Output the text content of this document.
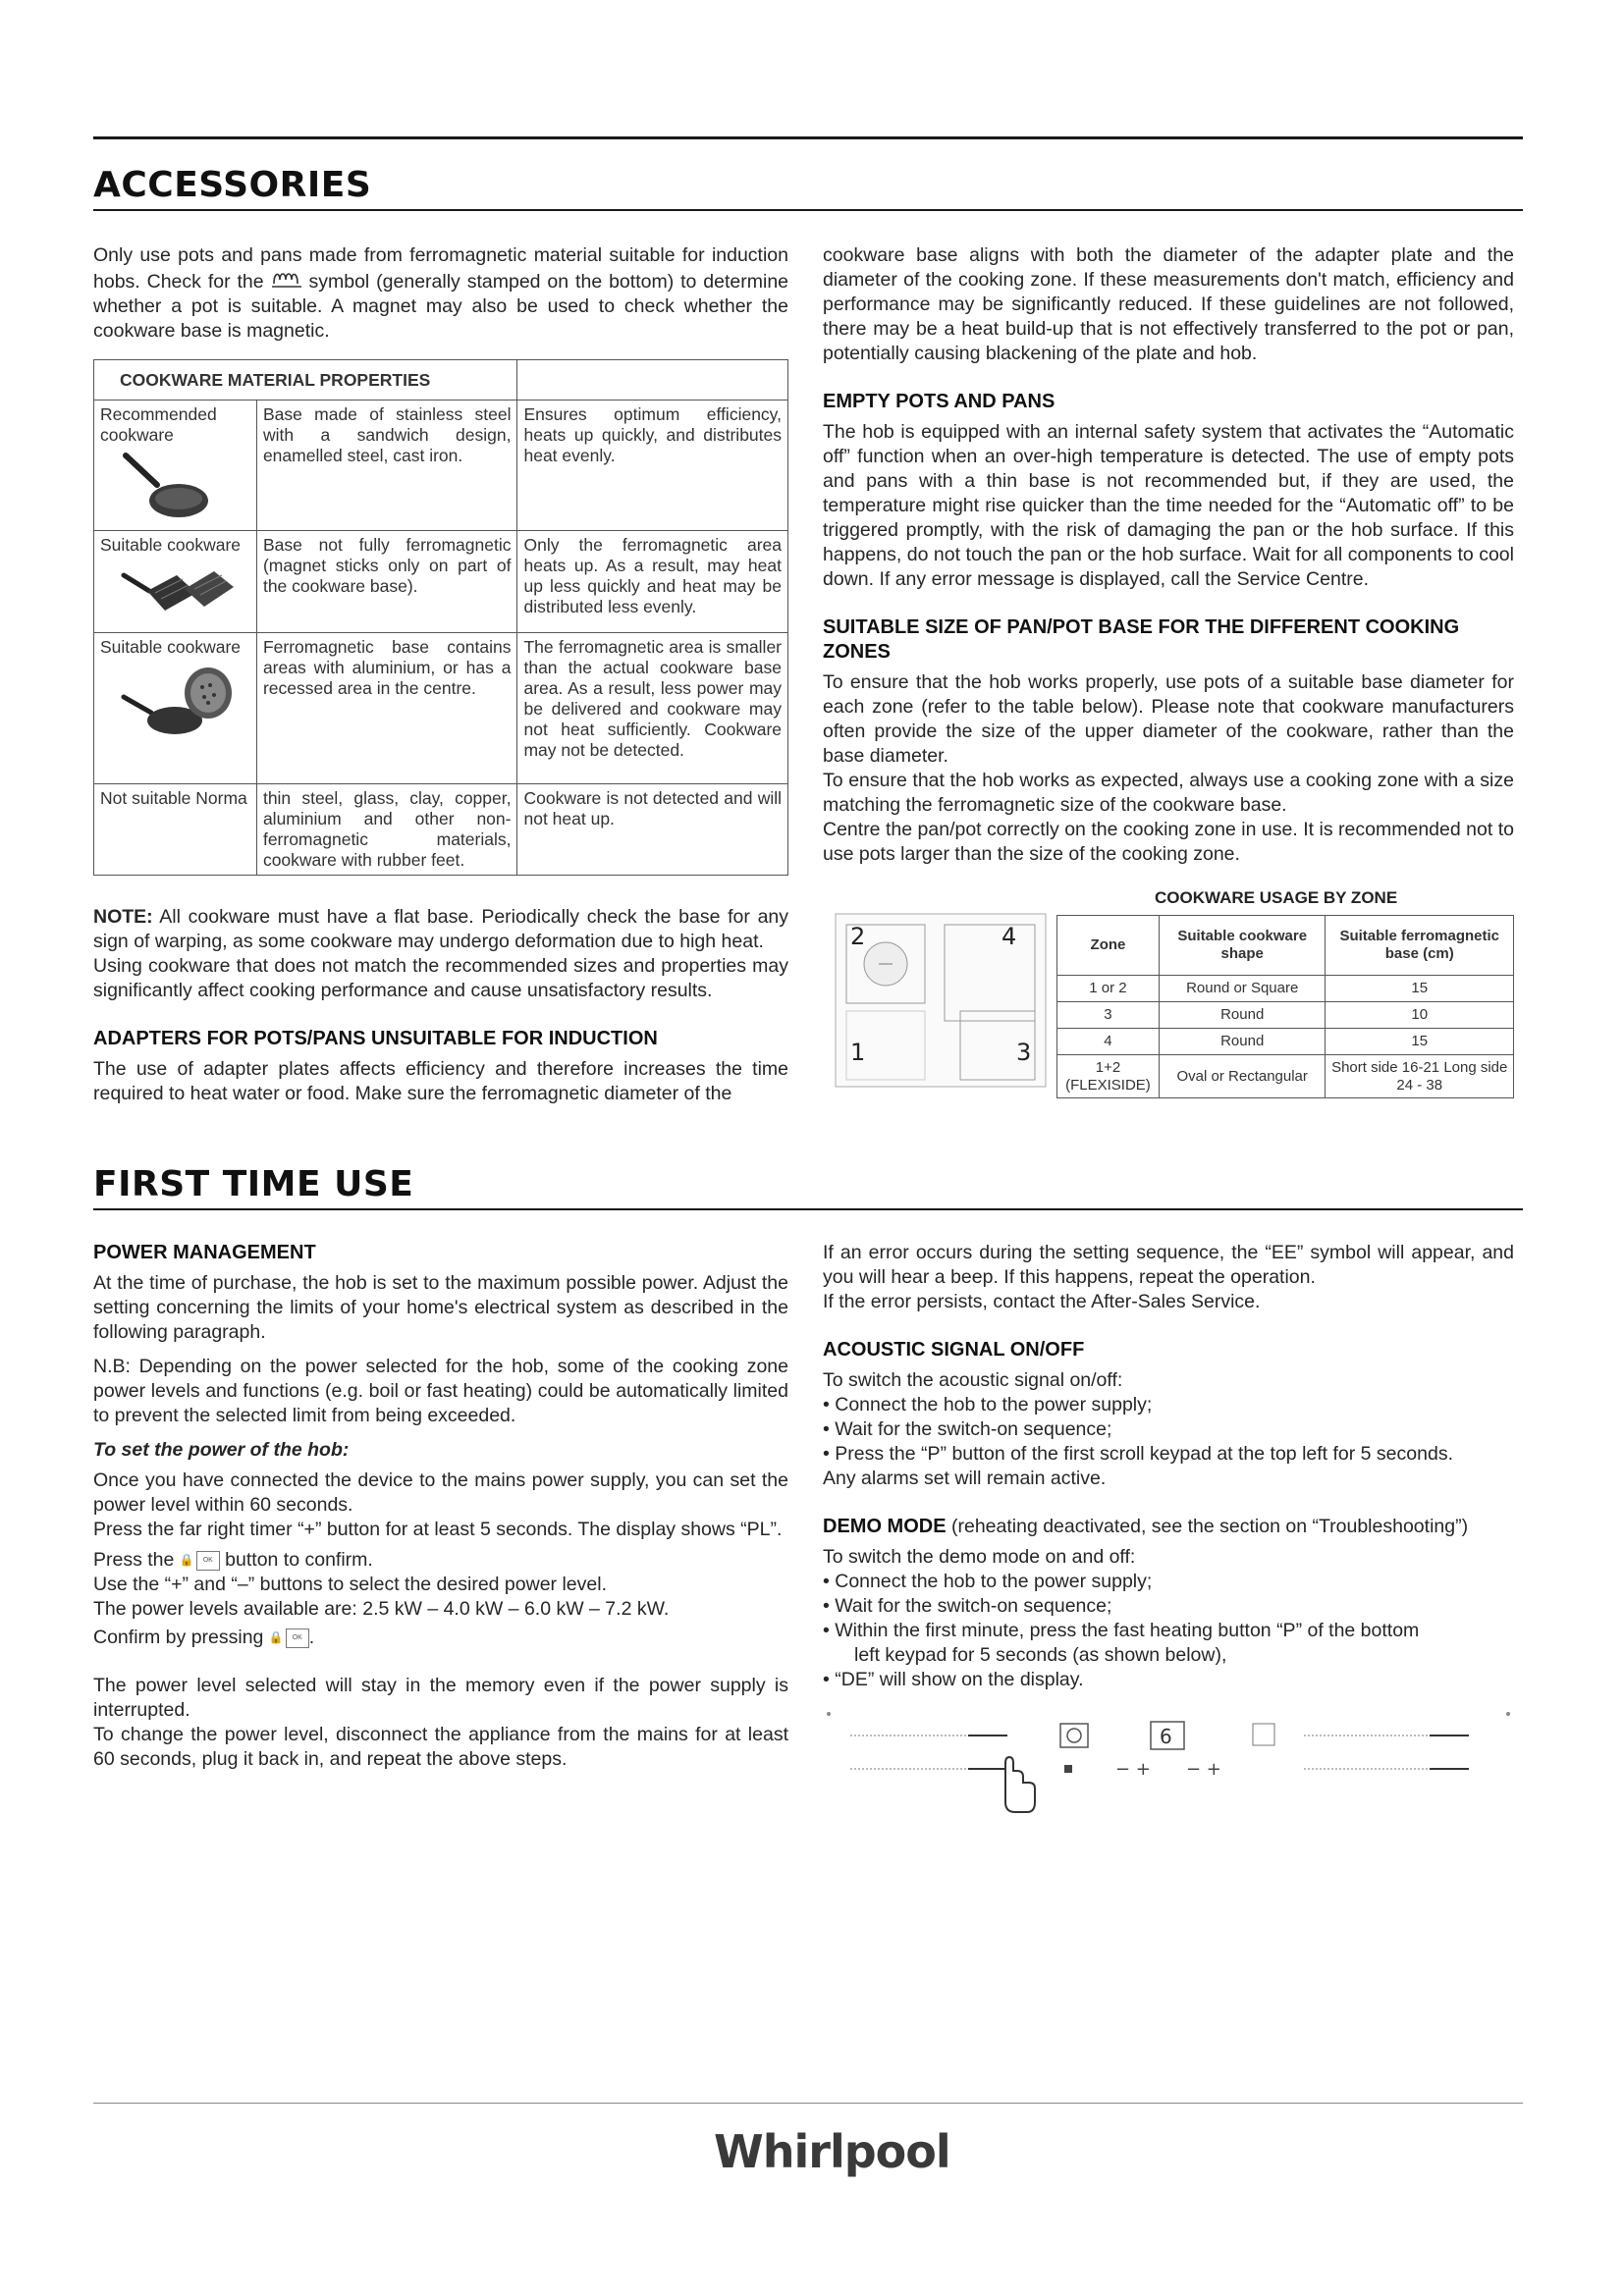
ACCESSORIES

Only use pots and pans made from ferromagnetic material suitable for induction hobs. Check for the symbol (generally stamped on the bottom) to determine whether a pot is suitable. A magnet may also be used to check whether the cookware base is magnetic.

COOKWARE MATERIAL PROPERTIES		
Recommended cookware	Base made of stainless steel with a sandwich design, enamelled steel, cast iron.	Ensures optimum efficiency, heats up quickly, and distributes heat evenly.
Suitable cookware	Base not fully ferromagnetic (magnet sticks only on part of the cookware base).	Only the ferromagnetic area heats up. As a result, may heat up less quickly and heat may be distributed less evenly.
Suitable cookware	Ferromagnetic base contains areas with aluminium, or has a recessed area in the centre.	The ferromagnetic area is smaller than the actual cookware base area. As a result, less power may be delivered and cookware may not heat sufficiently. Cookware may not be detected.
Not suitable Norma	thin steel, glass, clay, copper, aluminium and other non-ferromagnetic materials, cookware with rubber feet.	Cookware is not detected and will not heat up.

NOTE: All cookware must have a flat base. Periodically check the base for any sign of warping, as some cookware may undergo deformation due to high heat.

Using cookware that does not match the recommended sizes and properties may significantly affect cooking performance and cause unsatisfactory results.

ADAPTERS FOR POTS/PANS UNSUITABLE FOR INDUCTION

The use of adapter plates affects efficiency and therefore increases the time required to heat water or food. Make sure the ferromagnetic diameter of the

cookware base aligns with both the diameter of the adapter plate and the diameter of the cooking zone. If these measurements don't match, efficiency and performance may be significantly reduced. If these guidelines are not followed, there may be a heat build-up that is not effectively transferred to the pot or pan, potentially causing blackening of the plate and hob.

EMPTY POTS AND PANS

The hob is equipped with an internal safety system that activates the “Automatic off” function when an over-high temperature is detected. The use of empty pots and pans with a thin base is not recommended but, if they are used, the temperature might rise quicker than the time needed for the “Automatic off” to be triggered promptly, with the risk of damaging the pan or the hob surface. If this happens, do not touch the pan or the hob surface. Wait for all components to cool down. If any error message is displayed, call the Service Centre.

SUITABLE SIZE OF PAN/POT BASE FOR THE DIFFERENT COOKING ZONES

To ensure that the hob works properly, use pots of a suitable base diameter for each zone (refer to the table below). Please note that cookware manufacturers often provide the size of the upper diameter of the cookware, rather than the base diameter.

To ensure that the hob works as expected, always use a cooking zone with a size matching the ferromagnetic size of the cookware base.

Centre the pan/pot correctly on the cooking zone in use. It is recommended not to use pots larger than the size of the cooking zone.

COOKWARE USAGE BY ZONE
2	4
1	3
Zone	Suitable cookware shape	Suitable ferromagnetic base (cm)
1 or 2	Round or Square	15
3	Round	10
4	Round	15
1+2 (FLEXISIDE)	Oval or Rectangular	Short side 16-21 Long side 24 - 38
FIRST TIME USE
POWER MANAGEMENT

At the time of purchase, the hob is set to the maximum possible power. Adjust the setting concerning the limits of your home's electrical system as described in the following paragraph.

N.B: Depending on the power selected for the hob, some of the cooking zone power levels and functions (e.g. boil or fast heating) could be automatically limited to prevent the selected limit from being exceeded.

To set the power of the hob:

Once you have connected the device to the mains power supply, you can set the power level within 60 seconds.

Press the far right timer “+” button for at least 5 seconds. The display shows “PL”.

Press the 🔒 OK button to confirm.

Use the “+” and “–” buttons to select the desired power level.

The power levels available are: 2.5 kW – 4.0 kW – 6.0 kW – 7.2 kW.

Confirm by pressing 🔒 OK .

The power level selected will stay in the memory even if the power supply is interrupted.

To change the power level, disconnect the appliance from the mains for at least 60 seconds, plug it back in, and repeat the above steps.

If an error occurs during the setting sequence, the “EE” symbol will appear, and you will hear a beep. If this happens, repeat the operation.

If the error persists, contact the After-Sales Service.

ACOUSTIC SIGNAL ON/OFF

To switch the acoustic signal on/off:

• Connect the hob to the power supply;
• Wait for the switch-on sequence;
• Press the “P” button of the first scroll keypad at the top left for 5 seconds.

Any alarms set will remain active.

DEMO MODE (reheating deactivated, see the section on “Troubleshooting”)

To switch the demo mode on and off:

• Connect the hob to the power supply;
• Wait for the switch-on sequence;
• Within the first minute, press the fast heating button “P” of the bottom
left keypad for 5 seconds (as shown below),
• “DE” will show on the display.
6
− + − +
Whirlpool
